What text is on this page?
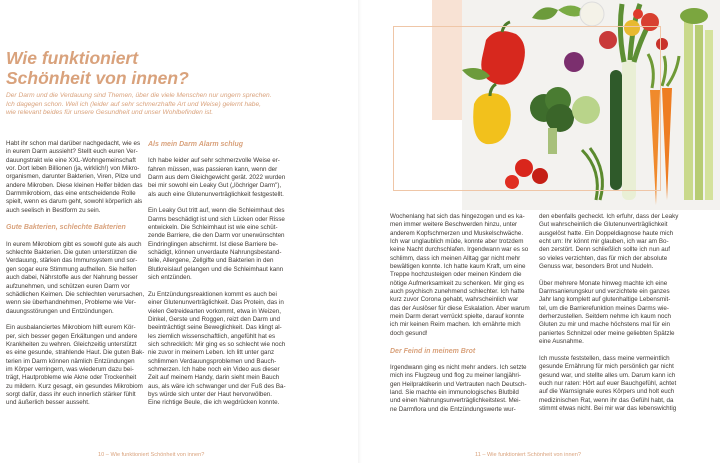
Wie funktioniert
Schönheit von innen?
Der Darm und die Verdauung sind Themen, über die viele Menschen nur ungern sprechen.
Ich dagegen schon. Weil ich (leider auf sehr schmerzhafte Art und Weise) gelernt habe,
wie relevant beides für unsere Gesundheit und unser Wohlbefinden ist.
Habt ihr schon mal darüber nachgedacht, wie es
in eurem Darm aussieht? Stellt euch euren Ver-
dauungstrakt wie eine XXL-Wohngemeinschaft
vor. Dort leben Billionen (ja, wirklich!) von Mikro-
organismen, darunter Bakterien, Viren, Pilze und
andere Mikroben. Diese kleinen Helfer bilden das
Darmmikrobiom, das eine entscheidende Rolle
spielt, wenn es darum geht, sowohl körperlich als
auch seelisch in Bestform zu sein.
Gute Bakterien, schlechte Bakterien
In eurem Mikrobiom gibt es sowohl gute als auch
schlechte Bakterien. Die guten unterstützen die
Verdauung, stärken das Immunsystem und sor-
gen sogar eure Stimmung aufhellen. Sie helfen
auch dabei, Nährstoffe aus der Nahrung besser
aufzunehmen, und schützen euren Darm vor
schädlichen Keimen. Die schlechten verursachen,
wenn sie überhandnehmen, Probleme wie Ver-
dauungsstörungen und Entzündungen.
Ein ausbalanciertes Mikrobiom hilft eurem Kör-
per, sich besser gegen Erkältungen und andere
Krankheiten zu wehren. Gleichzeitig unterstützt
es eine gesunde, strahlende Haut. Die guten Bak-
terien im Darm können nämlich Entzündungen
im Körper verringern, was wiederum dazu bei-
trägt, Hautprobleme wie Akne oder Trockenheit
zu mildern. Kurz gesagt, ein gesundes Mikrobiom
sorgt dafür, dass ihr euch innerlich stärker fühlt
und äußerlich besser ausseht.
Als mein Darm Alarm schlug
Ich habe leider auf sehr schmerzvolle Weise er-
fahren müssen, was passieren kann, wenn der
Darm aus dem Gleichgewicht gerät. 2022 wurden
bei mir sowohl ein Leaky Gut („löchriger Darm"),
als auch eine Glutenunverträglichkeit festgestellt.
Ein Leaky Gut tritt auf, wenn die Schleimhaut des
Darms beschädigt ist und sich Lücken oder Risse
entwickeln. Die Schleimhaut ist wie eine schüt-
zende Barriere, die den Darm vor unerwünschten
Eindringlingen abschirmt. Ist diese Barriere be-
schädigt, können unverdaute Nahrungsbestand-
teile, Allergene, Zellgifte und Bakterien in den
Blutkreislauf gelangen und die Schleimhaut kann
sich entzünden.
Zu Entzündungsreaktionen kommt es auch bei
einer Glutenunverträglichkeit. Das Protein, das in
vielen Getreidearten vorkommt, etwa in Weizen,
Dinkel, Gerste und Roggen, reizt den Darm und
beeinträchtigt seine Beweglichkeit. Das klingt al-
les ziemlich wissenschaftlich, angefühlt hat es
sich schrecklich: Mir ging es so schlecht wie noch
nie zuvor in meinem Leben. Ich litt unter ganz
schlimmen Verdauungsproblemen und Bauch-
schmerzen. Ich habe noch ein Video aus dieser
Zeit auf meinem Handy, darin sieht mein Bauch
aus, als wäre ich schwanger und der Fuß des Ba-
bys würde sich unter der Haut hervorwölben.
Eine richtige Beule, die ich wegdrücken konnte.
10 – Wie funktioniert Schönheit von innen?	11 – Wie funktioniert Schönheit von innen?
Wochenlang hat sich das hingezogen und es ka-
men immer weitere Beschwerden hinzu, unter
anderem Kopfschmerzen und Muskelschwäche.
Ich war unglaublich müde, konnte aber trotzdem
keine Nacht durchschlafen. Irgendwann war es so
schlimm, dass ich meinen Alltag gar nicht mehr
bewältigen konnte. Ich hatte kaum Kraft, um eine
Treppe hochzusteigen oder meinen Kindern die
nötige Aufmerksamkeit zu schenken. Mir ging es
auch psychisch zunehmend schlechter. Ich hatte
kurz zuvor Corona gehabt, wahrscheinlich war
das der Auslöser für diese Eskalation. Aber warum
mein Darm derart verrückt spielte, darauf konnte
ich mir keinen Reim machen. Ich ernährte mich
doch gesund!
Der Feind in meinem Brot
Irgendwann ging es nicht mehr anders. Ich setzte
mich ins Flugzeug und flog zu meiner langjähri-
gen Heilpraktikerin und Vertrauten nach Deutsch-
land. Sie machte ein immunologisches Blutbild
und einen Nahrungsunverträglichkeitstest. Mei-
ne Darmflora und die Entzündungswerte wur-
den ebenfalls gecheckt. Ich erfuhr, dass der Leaky
Gut wahrscheinlich die Glutenunverträglichkeit
ausgelöst hatte. Ein Doppeldiagnose haute mich
echt um: Ihr könnt mir glauben, ich war am Bo-
den zerstört. Denn schließlich sollte ich nun auf
so vieles verzichten, das für mich der absolute
Genuss war, besonders Brot und Nudeln.
Über mehrere Monate hinweg machte ich eine
Darmsanierungskur und verzichtete ein ganzes
Jahr lang komplett auf glutenhaltige Lebensmit-
tel, um die Barrierefunktion meines Darms wie-
derherzustellen. Seitdem nehme ich kaum noch
Gluten zu mir und mache höchstens mal für ein
paniertes Schnitzel oder meine geliebten Spätzle
eine Ausnahme.
Ich musste feststellen, dass meine vermeintlich
gesunde Ernährung für mich persönlich gar nicht
gesund war, und stellte alles um. Darum kann ich
euch nur raten: Hört auf euer Bauchgefühl, achtet
auf die Warnsignale eures Körpers und holt euch
medizinischen Rat, wenn ihr das Gefühl habt, da
stimmt etwas nicht. Bei mir war das lebenswichtig
